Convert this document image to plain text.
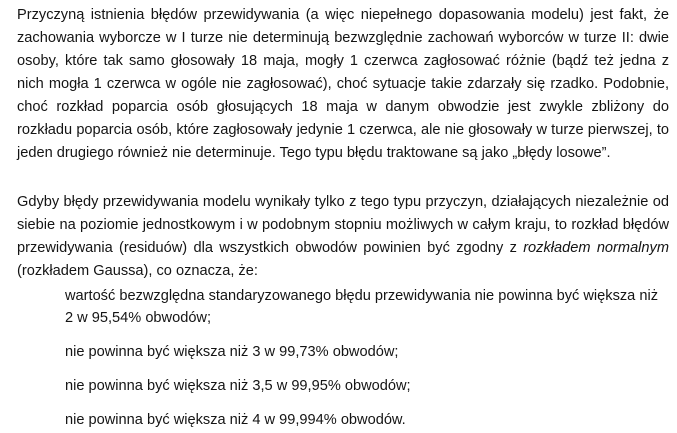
Przyczyną istnienia błędów przewidywania (a więc niepełnego dopasowania modelu) jest fakt, że zachowania wyborcze w I turze nie determinują bezwzględnie zachowań wyborców w turze II: dwie osoby, które tak samo głosowały 18 maja, mogły 1 czerwca zagłosować różnie (bądź też jedna z nich mogła 1 czerwca w ogóle nie zagłosować), choć sytuacje takie zdarzały się rzadko. Podobnie, choć rozkład poparcia osób głosujących 18 maja w danym obwodzie jest zwykle zbliżony do rozkładu poparcia osób, które zagłosowały jedynie 1 czerwca, ale nie głosowały w turze pierwszej, to jeden drugiego również nie determinuje. Tego typu błędu traktowane są jako „błędy losowe”.

Gdyby błędy przewidywania modelu wynikały tylko z tego typu przyczyn, działających niezależnie od siebie na poziomie jednostkowym i w podobnym stopniu możliwych w całym kraju, to rozkład błędów przewidywania (residuów) dla wszystkich obwodów powinien być zgodny z rozkładem normalnym (rozkładem Gaussa), co oznacza, że:

wartość bezwzględna standaryzowanego błędu przewidywania nie powinna być większa niż 2 w 95,54% obwodów;
nie powinna być większa niż 3 w 99,73% obwodów;
nie powinna być większa niż 3,5 w 99,95% obwodów;
nie powinna być większa niż 4 w 99,994% obwodów.
